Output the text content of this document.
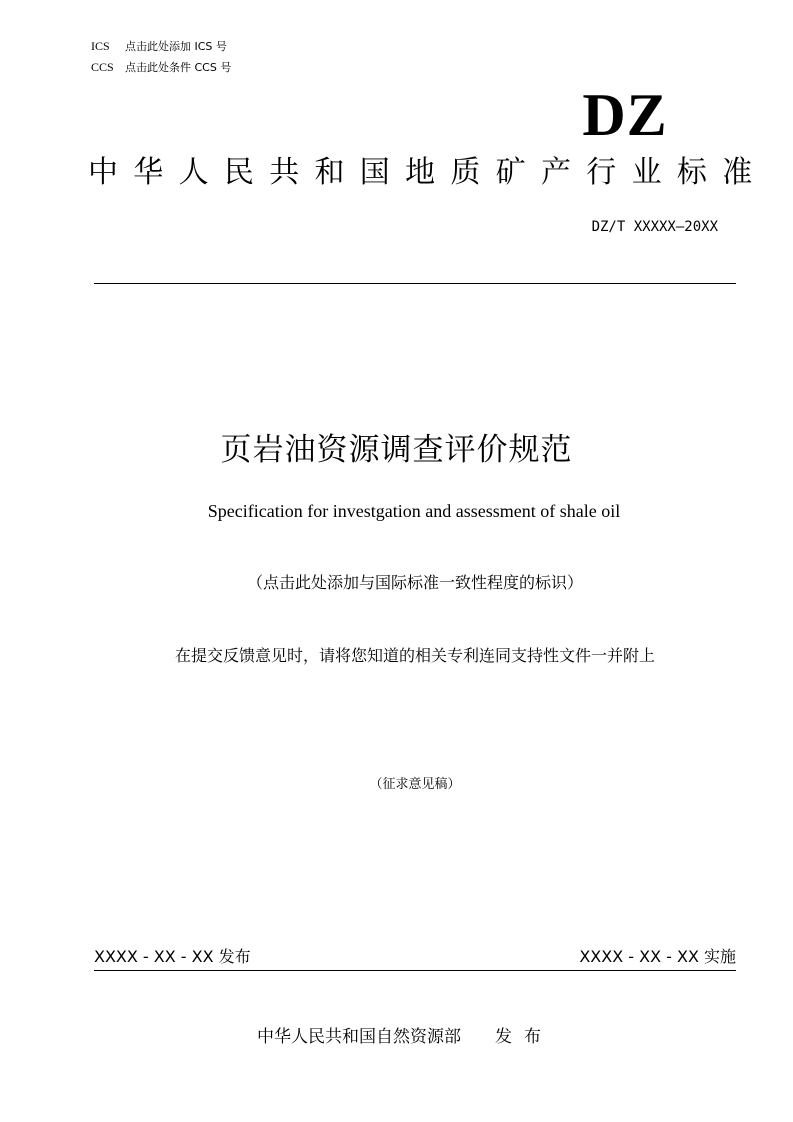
ICS 点击此处添加 ICS 号
CCS 点击此处条件 CCS 号
DZ
中华人民共和国地质矿产行业标准
DZ/T XXXXX—20XX
页岩油资源调查评价规范
Specification for investgation and assessment of shale oil
（点击此处添加与国际标准一致性程度的标识）
在提交反馈意见时，请将您知道的相关专利连同支持性文件一并附上
（征求意见稿）
XXXX - XX - XX 发布	XXXX - XX - XX 实施
中华人民共和国自然资源部 发布
